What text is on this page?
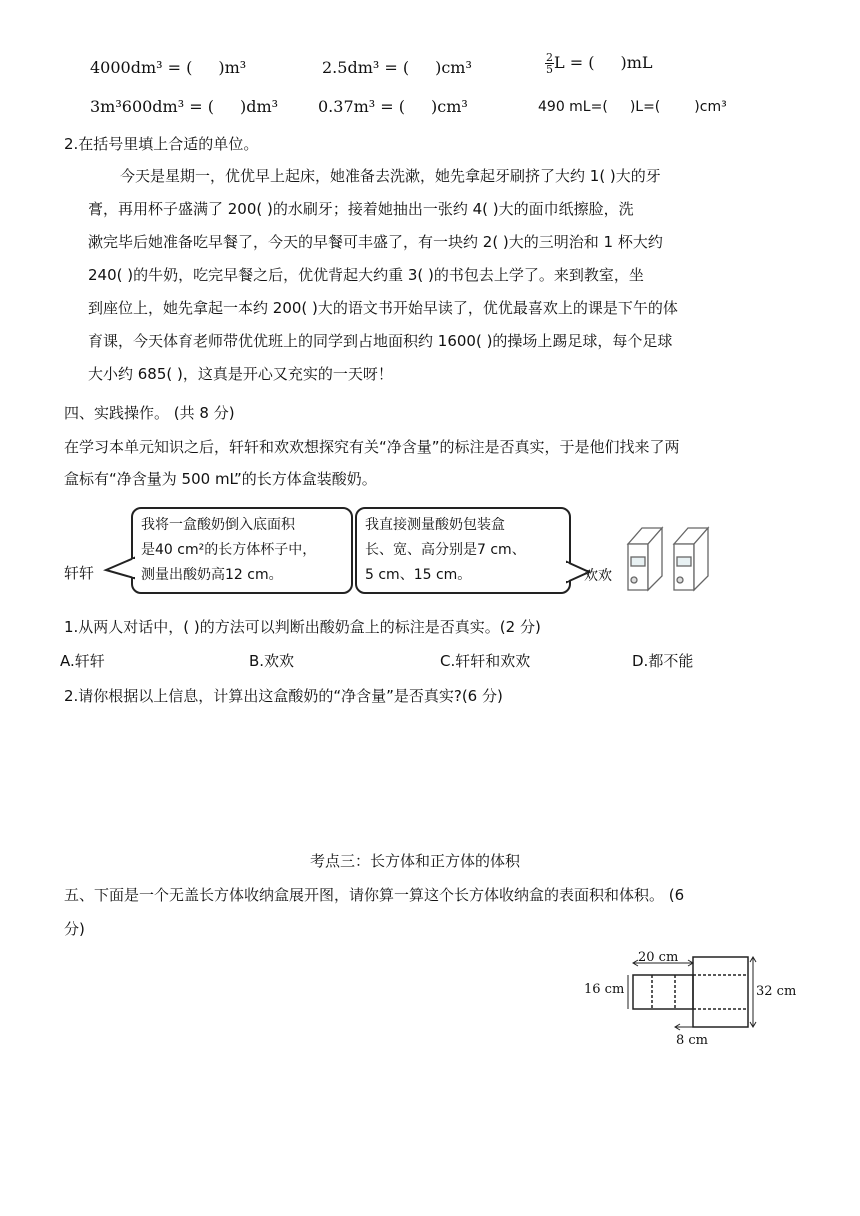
4000dm³ = ( )m³	2.5dm³ = ( )cm³	$\frac{2}{5}$ L = ( )mL
3m³600dm³ = ( )dm³ 0.37m³ = ( )cm³	490 mL=( )L=( )cm³
2.在括号里填上合适的单位。
今天是星期一，优优早上起床，她准备去洗漱，她先拿起牙刷挤了大约 1( )大的牙
膏，再用杯子盛满了 200( )的水刷牙；接着她抽出一张约 4( )大的面巾纸擦脸，洗
漱完毕后她准备吃早餐了，今天的早餐可丰盛了，有一块约 2( )大的三明治和 1 杯大约
240( )的牛奶，吃完早餐之后，优优背起大约重 3( )的书包去上学了。来到教室，坐
到座位上，她先拿起一本约 200( )大的语文书开始早读了，优优最喜欢上的课是下午的体
育课，今天体育老师带优优班上的同学到占地面积约 1600( )的操场上踢足球，每个足球
大小约 685( )，这真是开心又充实的一天呀！
四、实践操作。 (共 8 分)
在学习本单元知识之后，轩轩和欢欢想探究有关“净含量”的标注是否真实，于是他们找来了两
盒标有“净含量为 500 mL”的长方体盒装酸奶。
轩轩
我将一盒酸奶倒入底面积
是40 cm²的长方体杯子中，
测量出酸奶高12 cm。
我直接测量酸奶包装盒
长、宽、高分别是7 cm、
5 cm、15 cm。	欢欢
1.从两人对话中，( )的方法可以判断出酸奶盒上的标注是否真实。(2 分)
A.轩轩	B.欢欢	C.轩轩和欢欢	D.都不能
2.请你根据以上信息，计算出这盒酸奶的“净含量”是否真实?(6 分)
考点三：长方体和正方体的体积
五、下面是一个无盖长方体收纳盒展开图，请你算一算这个长方体收纳盒的表面积和体积。 (6
分)
20 cm
16 cm	32 cm
8 cm
